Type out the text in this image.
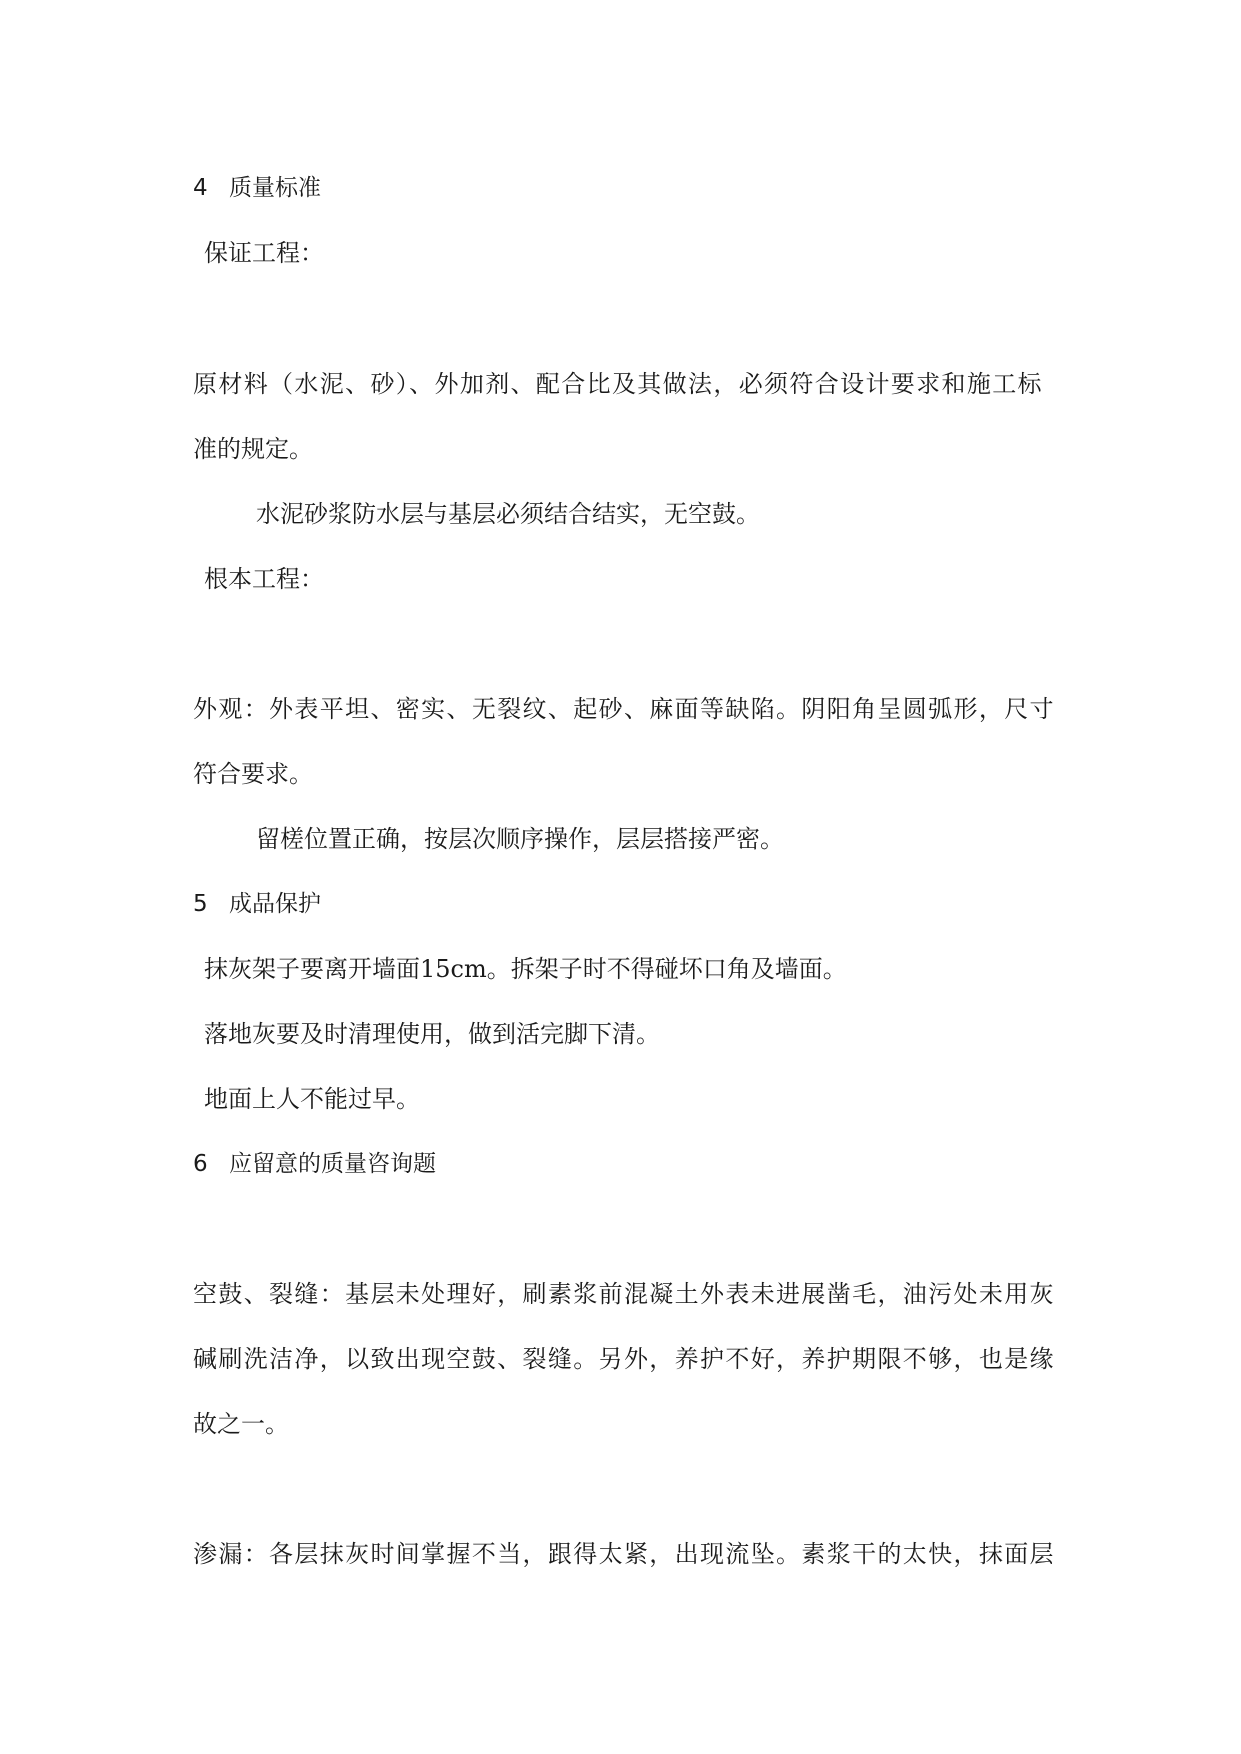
4 质量标准
保证工程：
原材料（水泥、砂）、外加剂、配合比及其做法，必须符合设计要求和施工标
准的规定。
水泥砂浆防水层与基层必须结合结实，无空鼓。
根本工程：
外观：外表平坦、密实、无裂纹、起砂、麻面等缺陷。阴阳角呈圆弧形，尺寸
符合要求。
留槎位置正确，按层次顺序操作，层层搭接严密。
5 成品保护
抹灰架子要离开墙面15cm。拆架子时不得碰坏口角及墙面。
落地灰要及时清理使用，做到活完脚下清。
地面上人不能过早。
6 应留意的质量咨询题
空鼓、裂缝：基层未处理好，刷素浆前混凝土外表未进展凿毛，油污处未用灰
碱刷洗洁净，以致出现空鼓、裂缝。另外，养护不好，养护期限不够，也是缘
故之一。
渗漏：各层抹灰时间掌握不当，跟得太紧，出现流坠。素浆干的太快，抹面层
